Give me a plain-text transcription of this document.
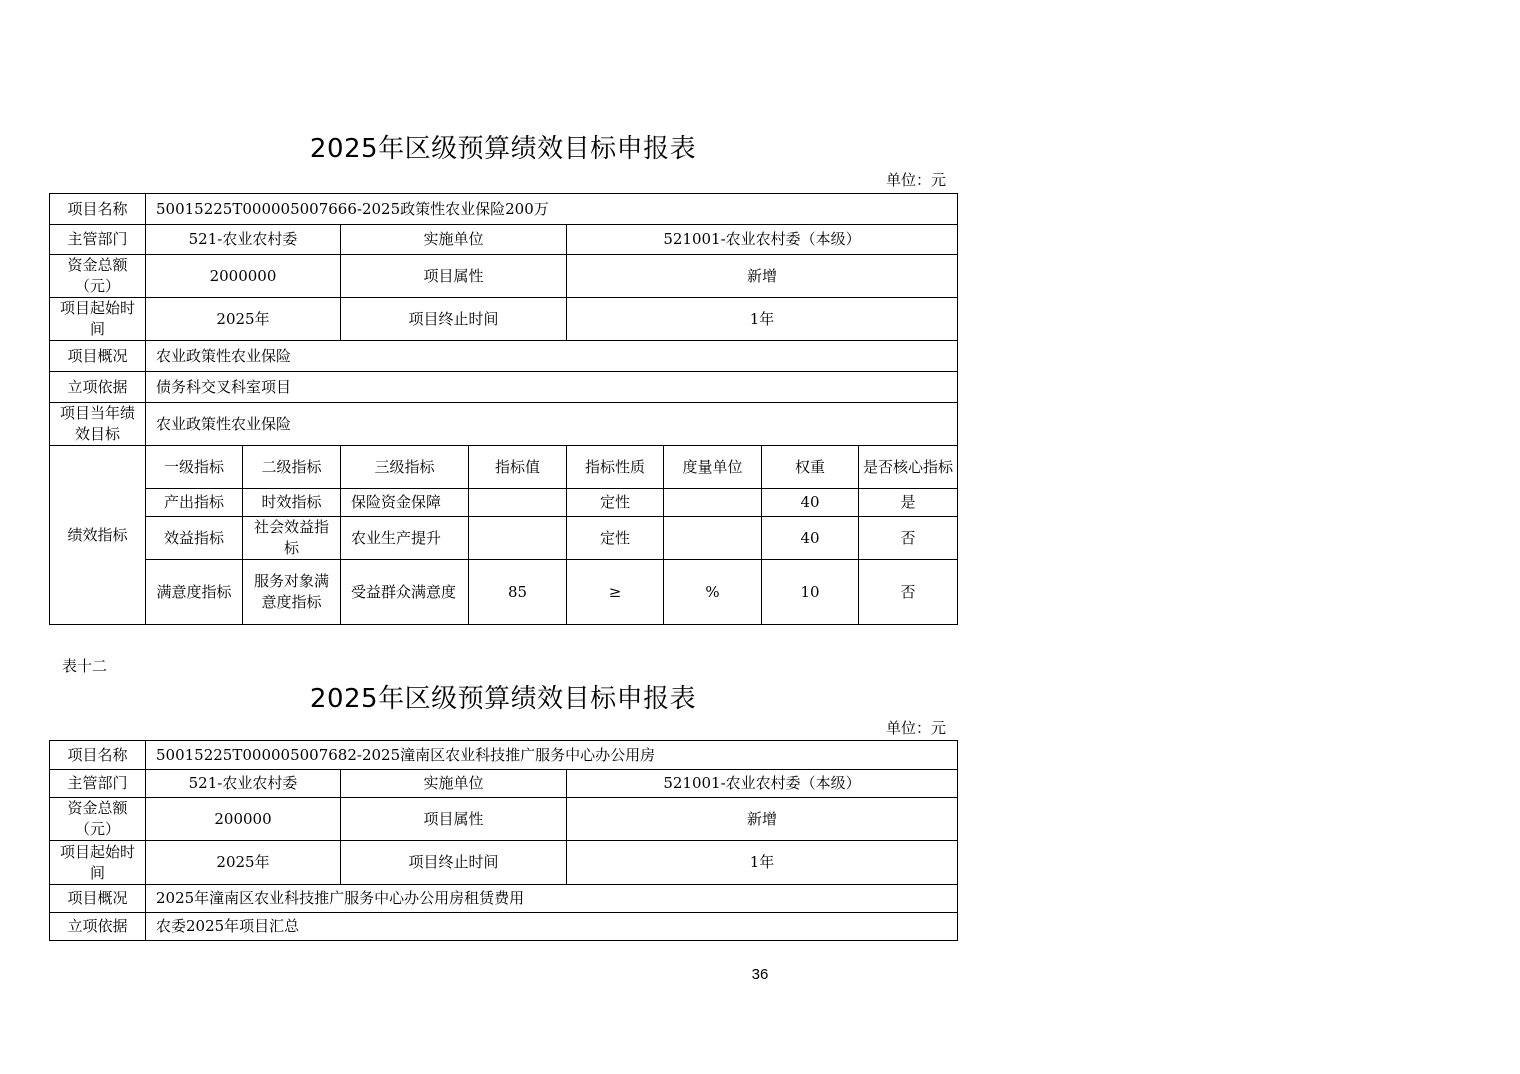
2025年区级预算绩效目标申报表
单位：元
项目名称	50015225T000005007666-2025政策性农业保险200万							
主管部门	521-农业农村委		实施单位		521001-农业农村委（本级）			
资金总额（元）	2000000		项目属性		新增			
项目起始时间	2025年		项目终止时间		1年			
项目概况	农业政策性农业保险							
立项依据	债务科交叉科室项目							
项目当年绩效目标	农业政策性农业保险							
绩效指标	一级指标	二级指标	三级指标	指标值	指标性质	度量单位	权重	是否核心指标
	产出指标	时效指标	保险资金保障		定性		40	是
	效益指标	社会效益指标	农业生产提升		定性		40	否
	满意度指标	服务对象满意度指标	受益群众满意度	85	≥	%	10	否
表十二
2025年区级预算绩效目标申报表
单位：元
项目名称	50015225T000005007682-2025潼南区农业科技推广服务中心办公用房		
主管部门	521-农业农村委	实施单位	521001-农业农村委（本级）
资金总额（元）	200000	项目属性	新增
项目起始时间	2025年	项目终止时间	1年
项目概况	2025年潼南区农业科技推广服务中心办公用房租赁费用		
立项依据	农委2025年项目汇总		
36
